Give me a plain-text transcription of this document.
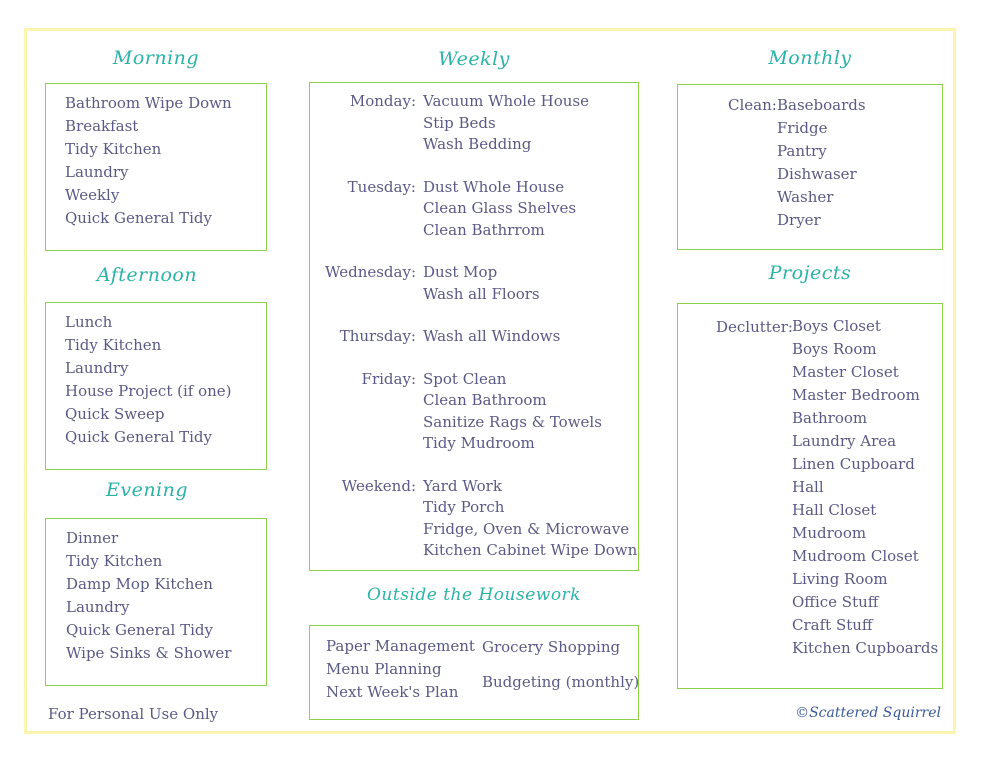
Morning
Bathroom Wipe Down
Breakfast
Tidy Kitchen
Laundry
Weekly
Quick General Tidy
Afternoon
Lunch
Tidy Kitchen
Laundry
House Project (if one)
Quick Sweep
Quick General Tidy
Evening
Dinner
Tidy Kitchen
Damp Mop Kitchen
Laundry
Quick General Tidy
Wipe Sinks & Shower
Weekly
Monday: Vacuum Whole House
Stip Beds
Wash Bedding
Tuesday: Dust Whole House
Clean Glass Shelves
Clean Bathrrom
Wednesday: Dust Mop
Wash all Floors
Thursday: Wash all Windows
Friday: Spot Clean
Clean Bathroom
Sanitize Rags & Towels
Tidy Mudroom
Weekend: Yard Work
Tidy Porch
Fridge, Oven & Microwave
Kitchen Cabinet Wipe Down
Outside the Housework
Paper Management
Menu Planning
Next Week's Plan
Grocery Shopping
Budgeting (monthly)
Monthly
Clean: Baseboards
Fridge
Pantry
Dishwaser
Washer
Dryer
Projects
Declutter: Boys Closet
Boys Room
Master Closet
Master Bedroom
Bathroom
Laundry Area
Linen Cupboard
Hall
Hall Closet
Mudroom
Mudroom Closet
Living Room
Office Stuff
Craft Stuff
Kitchen Cupboards
For Personal Use Only	©Scattered Squirrel
